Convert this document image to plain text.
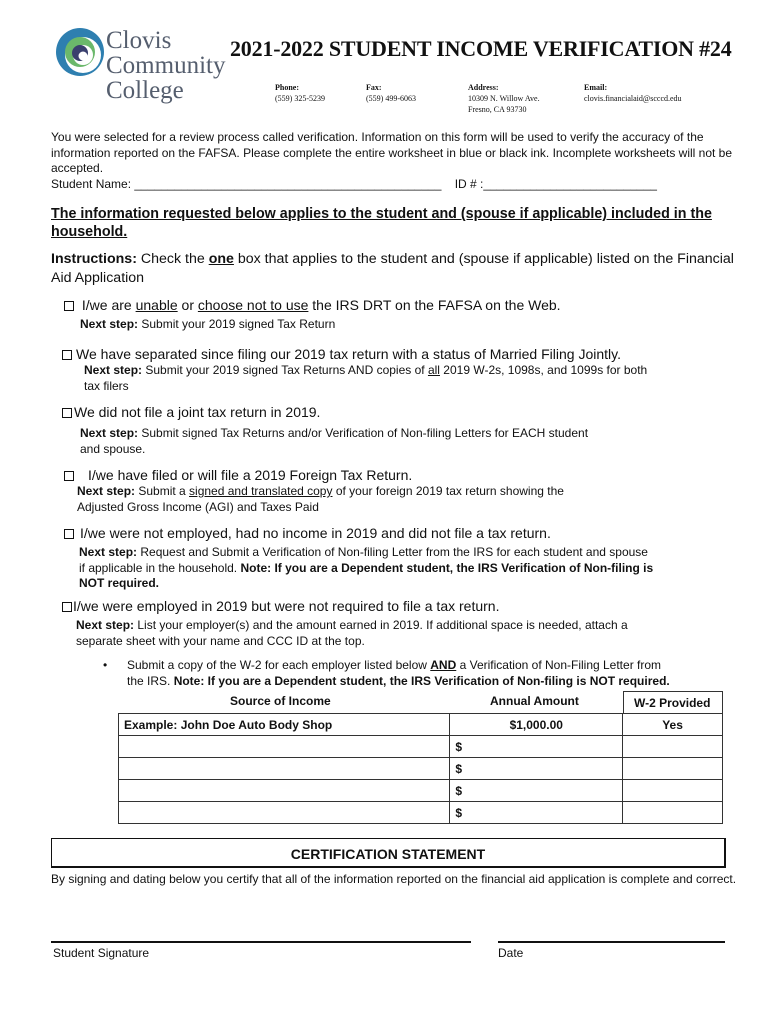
Clovis
Community
College
2021-2022 STUDENT INCOME VERIFICATION #24
Phone:
(559) 325-5239
Fax:
(559) 499-6063
Address:
10309 N. Willow Ave.
Fresno, CA 93730
Email:
clovis.financialaid@scccd.edu
You were selected for a review process called verification. Information on this form will be used to verify the accuracy of the information reported on the FAFSA. Please complete the entire worksheet in blue or black ink. Incomplete worksheets will not be accepted.
Student Name: ______________________________________________ ID # :__________________________
The information requested below applies to the student and (spouse if applicable) included in the household.
Instructions: Check the one box that applies to the student and (spouse if applicable) listed on the Financial Aid Application
I/we are unable or choose not to use the IRS DRT on the FAFSA on the Web.
Next step: Submit your 2019 signed Tax Return
We have separated since filing our 2019 tax return with a status of Married Filing Jointly.
Next step: Submit your 2019 signed Tax Returns AND copies of all 2019 W-2s, 1098s, and 1099s for both
tax filers
We did not file a joint tax return in 2019.
Next step: Submit signed Tax Returns and/or Verification of Non-filing Letters for EACH student
and spouse.
I/we have filed or will file a 2019 Foreign Tax Return.
Next step: Submit a signed and translated copy of your foreign 2019 tax return showing the
Adjusted Gross Income (AGI) and Taxes Paid
I/we were not employed, had no income in 2019 and did not file a tax return.
Next step: Request and Submit a Verification of Non-filing Letter from the IRS for each student and spouse
if applicable in the household. Note: If you are a Dependent student, the IRS Verification of Non-filing is
NOT required.
I/we were employed in 2019 but were not required to file a tax return.
Next step: List your employer(s) and the amount earned in 2019. If additional space is needed, attach a
separate sheet with your name and CCC ID at the top.
• Submit a copy of the W-2 for each employer listed below AND a Verification of Non-Filing Letter from
the IRS. Note: If you are a Dependent student, the IRS Verification of Non-filing is NOT required.
Source of Income	Annual Amount	W-2 Provided
Example: John Doe Auto Body Shop	$1,000.00	Yes
	$	
	$	
	$	
	$	
CERTIFICATION STATEMENT
By signing and dating below you certify that all of the information reported on the financial aid application is complete and correct.
Student Signature	Date
